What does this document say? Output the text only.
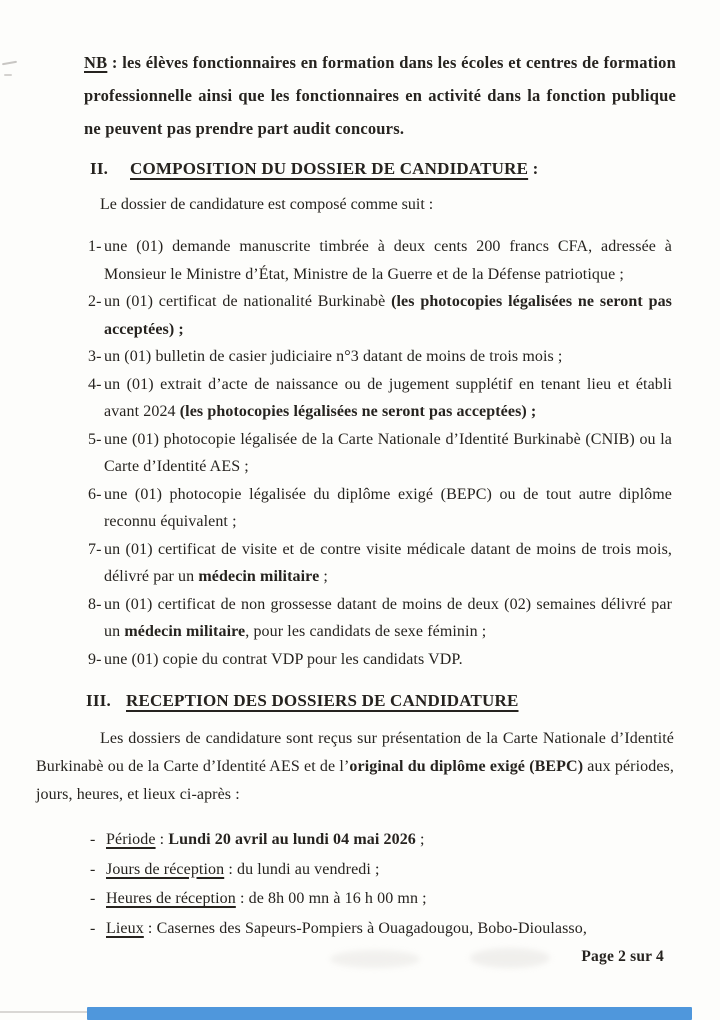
NB : les élèves fonctionnaires en formation dans les écoles et centres de formation professionnelle ainsi que les fonctionnaires en activité dans la fonction publique ne peuvent pas prendre part audit concours.

II.	COMPOSITION DU DOSSIER DE CANDIDATURE :

Le dossier de candidature est composé comme suit :

1- une (01) demande manuscrite timbrée à deux cents 200 francs CFA, adressée à Monsieur le Ministre d’État, Ministre de la Guerre et de la Défense patriotique ;
2- un (01) certificat de nationalité Burkinabè (les photocopies légalisées ne seront pas acceptées) ;
3- un (01) bulletin de casier judiciaire n°3 datant de moins de trois mois ;
4- un (01) extrait d’acte de naissance ou de jugement supplétif en tenant lieu et établi avant 2024 (les photocopies légalisées ne seront pas acceptées) ;
5- une (01) photocopie légalisée de la Carte Nationale d’Identité Burkinabè (CNIB) ou la Carte d’Identité AES ;
6- une (01) photocopie légalisée du diplôme exigé (BEPC) ou de tout autre diplôme reconnu équivalent ;
7- un (01) certificat de visite et de contre visite médicale datant de moins de trois mois, délivré par un médecin militaire ;
8- un (01) certificat de non grossesse datant de moins de deux (02) semaines délivré par un médecin militaire, pour les candidats de sexe féminin ;
9- une (01) copie du contrat VDP pour les candidats VDP.
III. RECEPTION DES DOSSIERS DE CANDIDATURE

Les dossiers de candidature sont reçus sur présentation de la Carte Nationale d’Identité Burkinabè ou de la Carte d’Identité AES et de l’original du diplôme exigé (BEPC) aux périodes, jours, heures, et lieux ci-après :

- Période : Lundi 20 avril au lundi 04 mai 2026 ;
- Jours de réception : du lundi au vendredi ;
- Heures de réception : de 8h 00 mn à 16 h 00 mn ;
- Lieux : Casernes des Sapeurs-Pompiers à Ouagadougou, Bobo-Dioulasso,
Page 2 sur 4
